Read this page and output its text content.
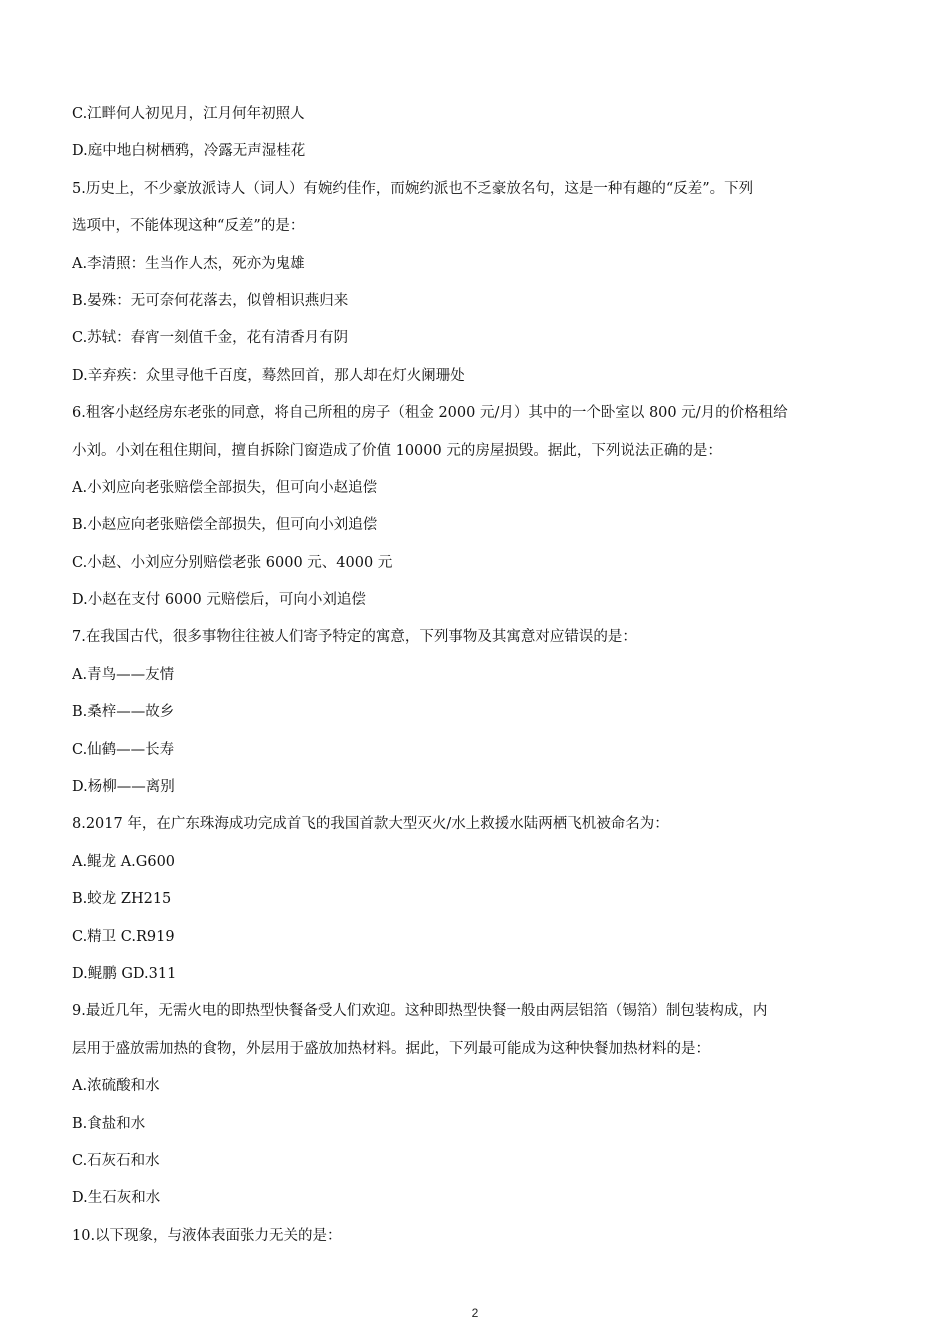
C.江畔何人初见月，江月何年初照人
D.庭中地白树栖鸦，冷露无声湿桂花
5.历史上，不少豪放派诗人（词人）有婉约佳作，而婉约派也不乏豪放名句，这是一种有趣的“反差”。下列
选项中，不能体现这种“反差”的是：
A.李清照：生当作人杰，死亦为鬼雄
B.晏殊：无可奈何花落去，似曾相识燕归来
C.苏轼：春宵一刻值千金，花有清香月有阴
D.辛弃疾：众里寻他千百度，蓦然回首，那人却在灯火阑珊处
6.租客小赵经房东老张的同意，将自己所租的房子（租金 2000 元/月）其中的一个卧室以 800 元/月的价格租给
小刘。小刘在租住期间，擅自拆除门窗造成了价值 10000 元的房屋损毁。据此，下列说法正确的是：
A.小刘应向老张赔偿全部损失，但可向小赵追偿
B.小赵应向老张赔偿全部损失，但可向小刘追偿
C.小赵、小刘应分别赔偿老张 6000 元、4000 元
D.小赵在支付 6000 元赔偿后，可向小刘追偿
7.在我国古代，很多事物往往被人们寄予特定的寓意，下列事物及其寓意对应错误的是：
A.青鸟——友情
B.桑梓——故乡
C.仙鹤——长寿
D.杨柳——离别
8.2017 年，在广东珠海成功完成首飞的我国首款大型灭火/水上救援水陆两栖飞机被命名为：
A.鲲龙 A.G600
B.蛟龙 ZH215
C.精卫 C.R919
D.鲲鹏 GD.311
9.最近几年，无需火电的即热型快餐备受人们欢迎。这种即热型快餐一般由两层铝箔（锡箔）制包装构成，内
层用于盛放需加热的食物，外层用于盛放加热材料。据此，下列最可能成为这种快餐加热材料的是：
A.浓硫酸和水
B.食盐和水
C.石灰石和水
D.生石灰和水
10.以下现象，与液体表面张力无关的是：
2
